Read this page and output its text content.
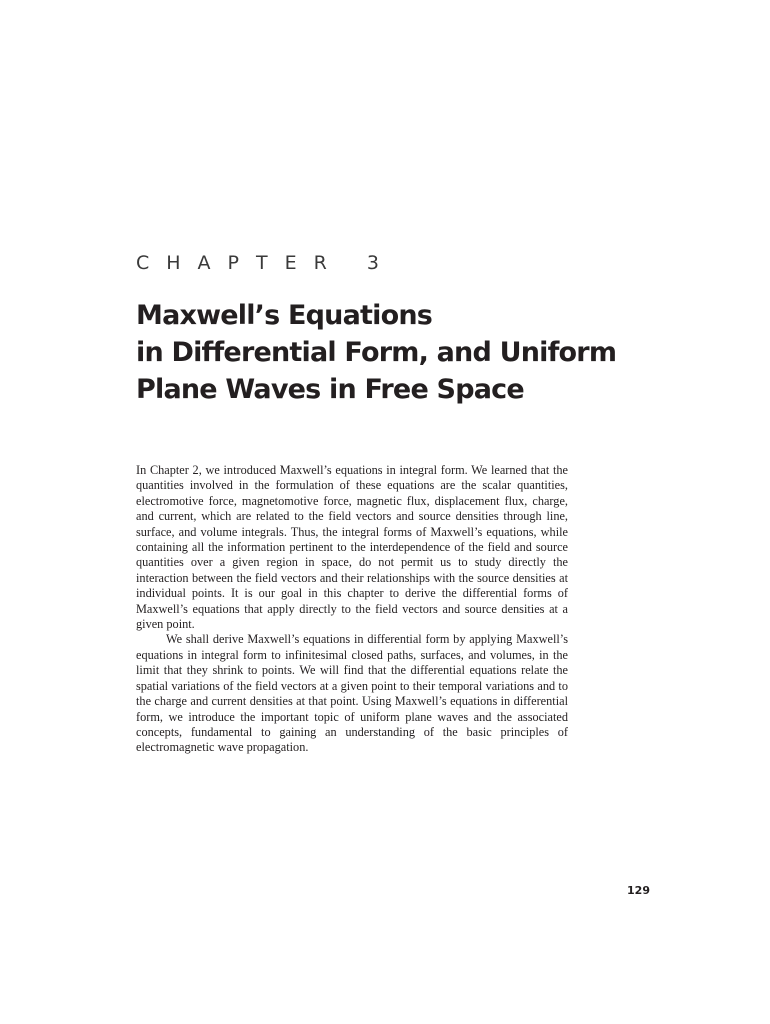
CHAPTER 3
Maxwell’s Equations
in Differential Form, and Uniform
Plane Waves in Free Space

In Chapter 2, we introduced Maxwell’s equations in integral form. We learned that the quantities involved in the formulation of these equations are the scalar quantities, electromotive force, magnetomotive force, magnetic flux, displacement flux, charge, and current, which are related to the field vectors and source densities through line, surface, and volume integrals. Thus, the integral forms of Maxwell’s equations, while containing all the information pertinent to the interdependence of the field and source quantities over a given region in space, do not permit us to study directly the interaction between the field vectors and their relationships with the source densities at individual points. It is our goal in this chapter to derive the differential forms of Maxwell’s equations that apply directly to the field vectors and source densities at a given point.

We shall derive Maxwell’s equations in differential form by applying Maxwell’s equations in integral form to infinitesimal closed paths, surfaces, and volumes, in the limit that they shrink to points. We will find that the differential equations relate the spatial variations of the field vectors at a given point to their temporal variations and to the charge and current densities at that point. Using Maxwell’s equations in differential form, we introduce the important topic of uniform plane waves and the associated concepts, fundamental to gaining an understanding of the basic principles of electromagnetic wave propagation.

129
